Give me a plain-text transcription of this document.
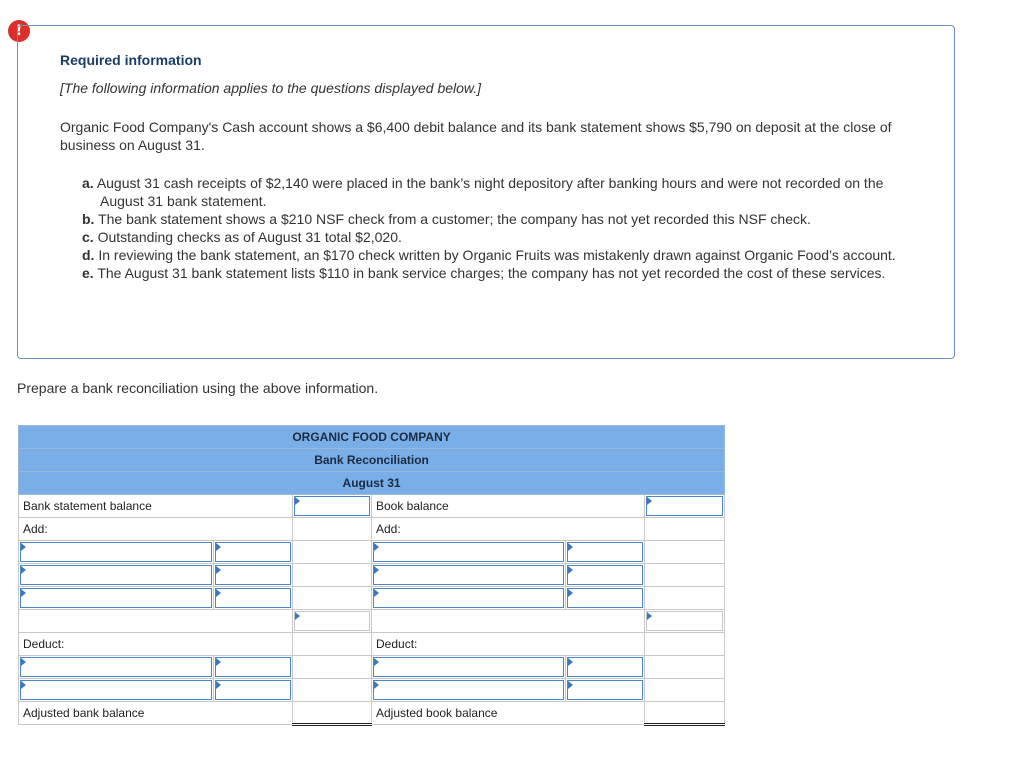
!
Required information
[The following information applies to the questions displayed below.]
Organic Food Company's Cash account shows a $6,400 debit balance and its bank statement shows $5,790 on deposit at the close of business on August 31.
a. August 31 cash receipts of $2,140 were placed in the bank’s night depository after banking hours and were not recorded on the August 31 bank statement.
b. The bank statement shows a $210 NSF check from a customer; the company has not yet recorded this NSF check.
c. Outstanding checks as of August 31 total $2,020.
d. In reviewing the bank statement, an $170 check written by Organic Fruits was mistakenly drawn against Organic Food’s account.
e. The August 31 bank statement lists $110 in bank service charges; the company has not yet recorded the cost of these services.
Prepare a bank reconciliation using the above information.
ORGANIC FOOD COMPANY					
Bank Reconciliation					
August 31					
Bank statement balance			Book balance		

Add:			Add:		

Deduct:			Deduct:		

Adjusted bank balance			Adjusted book balance		
